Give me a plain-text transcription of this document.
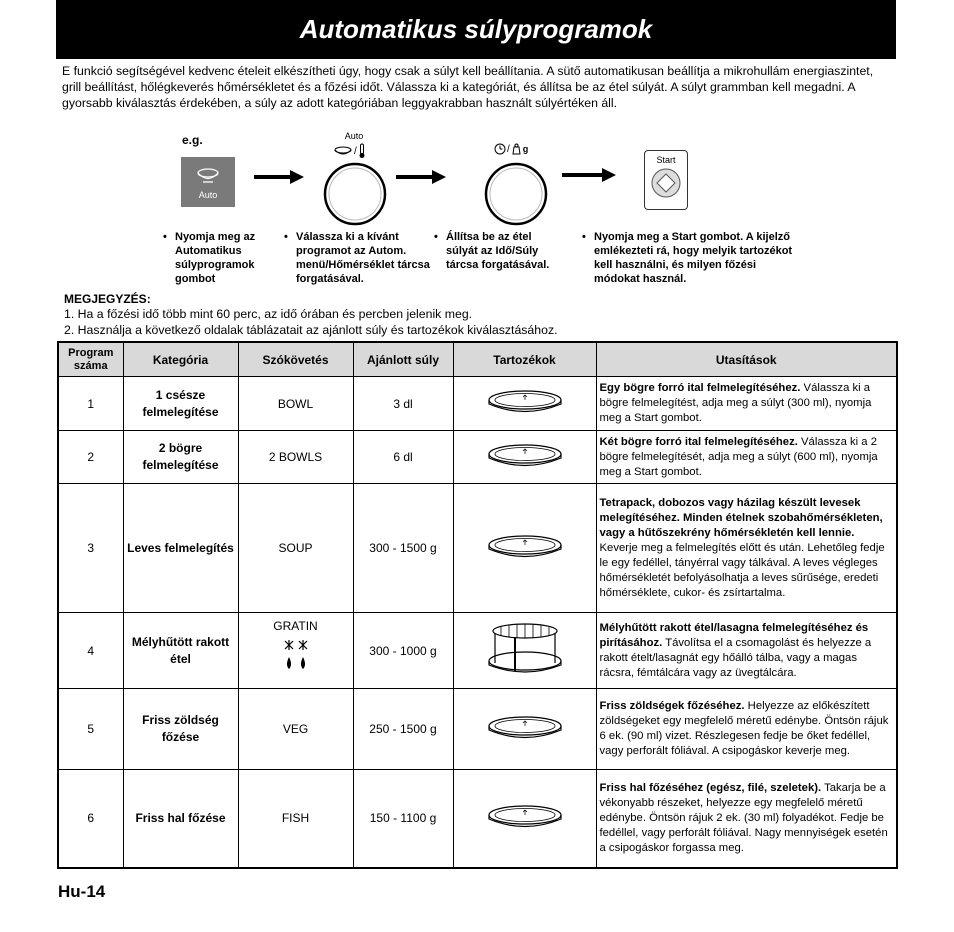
Automatikus súlyprogramok

E funkció segítségével kedvenc ételeit elkészítheti úgy, hogy csak a súlyt kell beállítania. A sütő automatikusan beállítja a mikrohullám energiaszintet, grill beállítást, hőlégkeverés hőmérsékletet és a főzési időt. Válassza ki a kategóriát, és állítsa be az étel súlyát. A súlyt grammban kell megadni. A gyorsabb kiválasztás érdekében, a súly az adott kategóriában leggyakrabban használt súlyértéken áll.

e.g.
Auto
Auto
/	/ g
Start
• Nyomja meg az Automatikus súlyprogramok gombot
• Válassza ki a kívánt programot az Autom. menü/Hőmérséklet tárcsa forgatásával.
• Állítsa be az étel súlyát az Idő/Súly tárcsa forgatásával.
• Nyomja meg a Start gombot. A kijelző emlékezteti rá, hogy melyik tartozékot kell használni, és milyen főzési módokat használ.
MEGJEGYZÉS:
1. Ha a főzési idő több mint 60 perc, az idő órában és percben jelenik meg.
2. Használja a következő oldalak táblázatait az ajánlott súly és tartozékok kiválasztásához.
Program száma	Kategória	Szókövetés	Ajánlott súly	Tartozékok	Utasítások
1	1 csésze felmelegítése	BOWL	3 dl		Egy bögre forró ital felmelegítéséhez. Válassza ki a bögre felmelegítést, adja meg a súlyt (300 ml), nyomja meg a Start gombot.
2	2 bögre felmelegítése	2 BOWLS	6 dl		Két bögre forró ital felmelegítéséhez. Válassza ki a 2 bögre felmelegítését, adja meg a súlyt (600 ml), nyomja meg a Start gombot.
3	Leves felmelegítés	SOUP	300 - 1500 g		Tetrapack, dobozos vagy házilag készült levesek melegítéséhez. Minden ételnek szobahőmérsékleten, vagy a hűtőszekrény hőmérsékletén kell lennie. Keverje meg a felmelegítés előtt és után. Lehetőleg fedje le egy fedéllel, tányérral vagy tálkával. A leves végleges hőmérsékletét befolyásolhatja a leves sűrűsége, eredeti hőmérséklete, cukor- és zsírtartalma.
4	Mélyhűtött rakott étel	GRATIN	300 - 1000 g		Mélyhűtött rakott étel/lasagna felmelegítéséhez és pirításához. Távolítsa el a csomagolást és helyezze a rakott ételt/lasagnát egy hőálló tálba, vagy a magas rácsra, fémtálcára vagy az üvegtálcára.
5	Friss zöldség főzése	VEG	250 - 1500 g		Friss zöldségek főzéséhez. Helyezze az előkészített zöldségeket egy megfelelő méretű edénybe. Öntsön rájuk 6 ek. (90 ml) vizet. Részlegesen fedje be őket fedéllel, vagy perforált fóliával. A csipogáskor keverje meg.
6	Friss hal főzése	FISH	150 - 1100 g		Friss hal főzéséhez (egész, filé, szeletek). Takarja be a vékonyabb részeket, helyezze egy megfelelő méretű edénybe. Öntsön rájuk 2 ek. (30 ml) folyadékot. Fedje be fedéllel, vagy perforált fóliával. Nagy mennyiségek esetén a csipogáskor forgassa meg.
Hu-14
